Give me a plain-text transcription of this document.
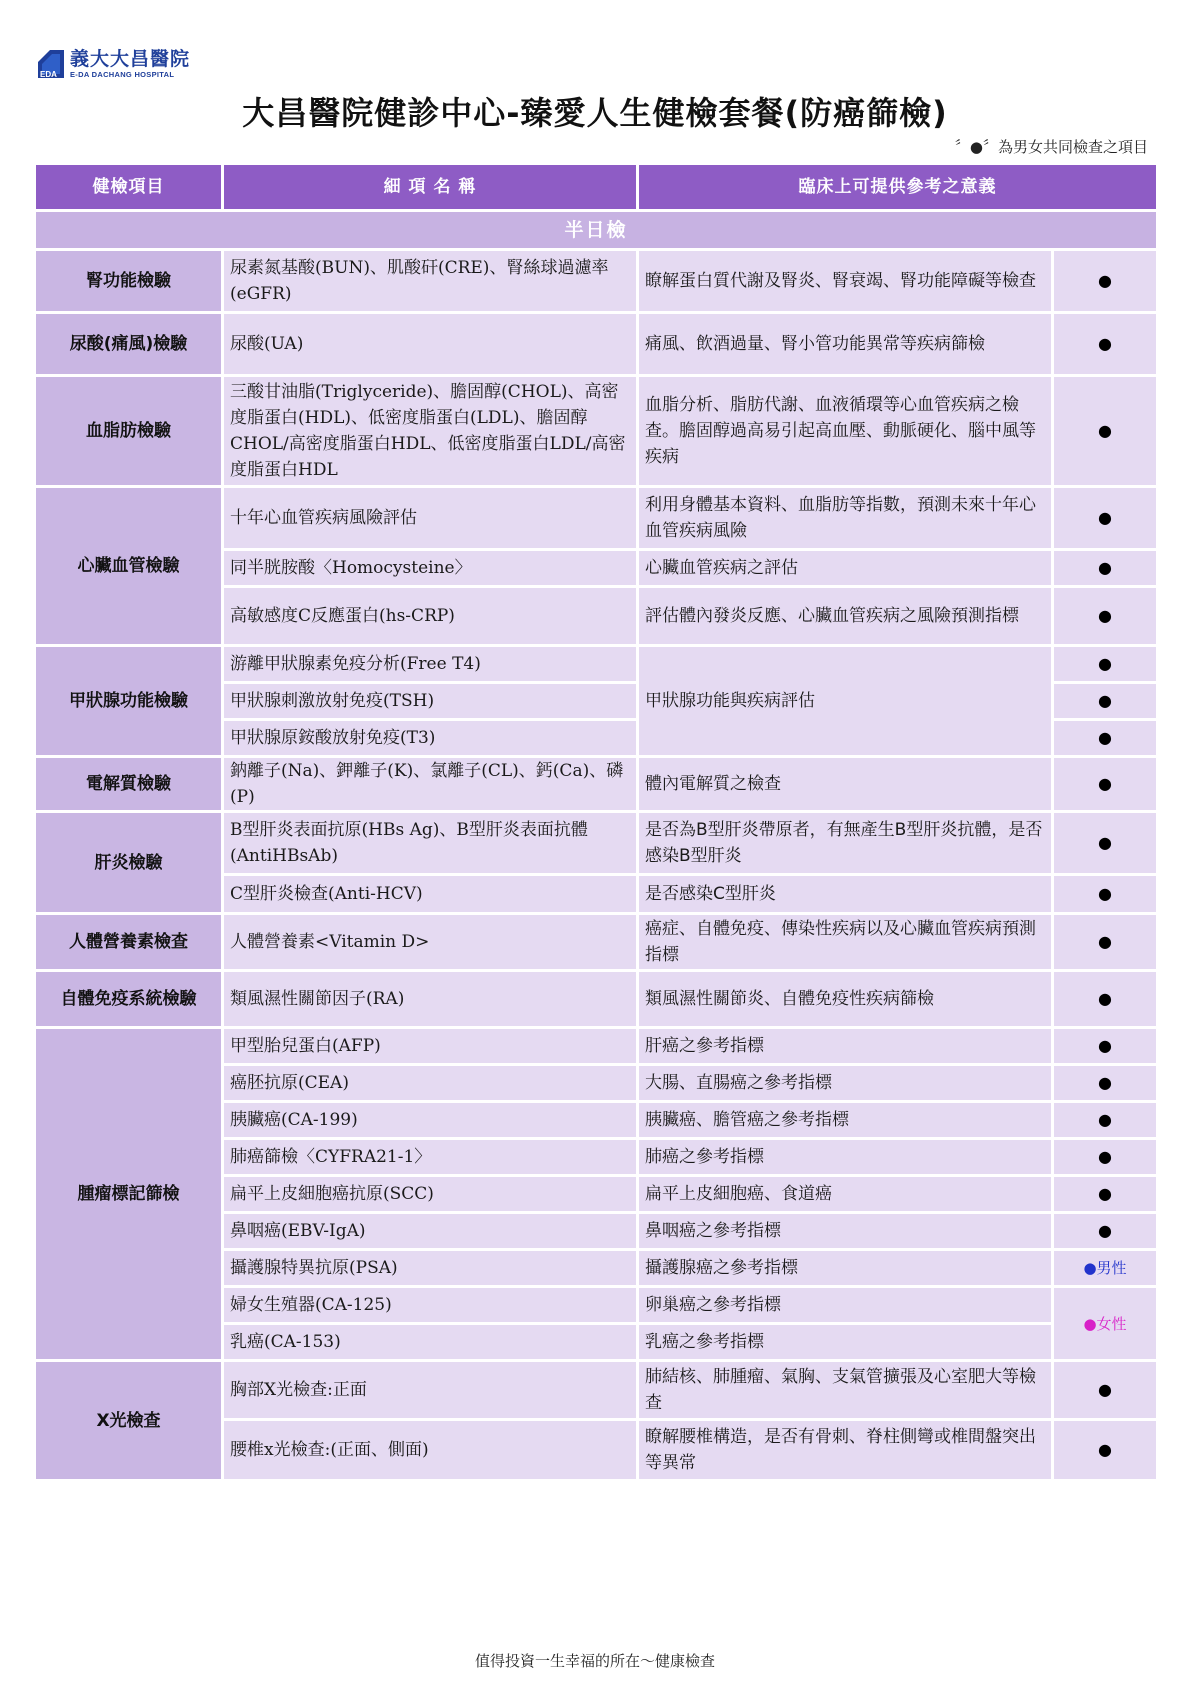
EDA
義大大昌醫院
E-DA DACHANG HOSPITAL
大昌醫院健診中心-臻愛人生健檢套餐(防癌篩檢)
〞●〞為男女共同檢查之項目
健檢項目	細 項 名 稱	臨床上可提供參考之意義	
半日檢			
腎功能檢驗	尿素氮基酸(BUN)、肌酸矸(CRE)、腎絲球過濾率(eGFR)	瞭解蛋白質代謝及腎炎、腎衰竭、腎功能障礙等檢查	●
尿酸(痛風)檢驗	尿酸(UA)	痛風、飲酒過量、腎小管功能異常等疾病篩檢	●
血脂肪檢驗	三酸甘油脂(Triglyceride)、膽固醇(CHOL)、高密度脂蛋白(HDL)、低密度脂蛋白(LDL)、膽固醇CHOL/高密度脂蛋白HDL、低密度脂蛋白LDL/高密度脂蛋白HDL	血脂分析、脂肪代謝、血液循環等心血管疾病之檢查。膽固醇過高易引起高血壓、動脈硬化、腦中風等疾病	●
心臟血管檢驗	十年心血管疾病風險評估	利用身體基本資料、血脂肪等指數，預測未來十年心血管疾病風險	●
	同半胱胺酸〈Homocysteine〉	心臟血管疾病之評估	●
	高敏感度C反應蛋白(hs-CRP)	評估體內發炎反應、心臟血管疾病之風險預測指標	●
甲狀腺功能檢驗	游離甲狀腺素免疫分析(Free T4)	甲狀腺功能與疾病評估	●
	甲狀腺刺激放射免疫(TSH)		●
	甲狀腺原銨酸放射免疫(T3)		●
電解質檢驗	鈉離子(Na)、鉀離子(K)、氯離子(CL)、鈣(Ca)、磷(P)	體內電解質之檢查	●
肝炎檢驗	B型肝炎表面抗原(HBs Ag)、B型肝炎表面抗體(AntiHBsAb)	是否為B型肝炎帶原者，有無產生B型肝炎抗體，是否感染B型肝炎	●
	C型肝炎檢查(Anti-HCV)	是否感染C型肝炎	●
人體營養素檢查	人體營養素<Vitamin D>	癌症、自體免疫、傳染性疾病以及心臟血管疾病預測指標	●
自體免疫系統檢驗	類風濕性關節因子(RA)	類風濕性關節炎、自體免疫性疾病篩檢	●
腫瘤標記篩檢	甲型胎兒蛋白(AFP)	肝癌之參考指標	●
	癌胚抗原(CEA)	大腸、直腸癌之參考指標	●
	胰臟癌(CA-199)	胰臟癌、膽管癌之參考指標	●
	肺癌篩檢〈CYFRA21-1〉	肺癌之參考指標	●
	扁平上皮細胞癌抗原(SCC)	扁平上皮細胞癌、食道癌	●
	鼻咽癌(EBV-IgA)	鼻咽癌之參考指標	●
	攝護腺特異抗原(PSA)	攝護腺癌之參考指標	●男性
	婦女生殖器(CA-125)	卵巢癌之參考指標	●女性
	乳癌(CA-153)	乳癌之參考指標	
X光檢查	胸部X光檢查:正面	肺結核、肺腫瘤、氣胸、支氣管擴張及心室肥大等檢查	●
	腰椎x光檢查:(正面、側面)	瞭解腰椎構造，是否有骨刺、脊柱側彎或椎間盤突出等異常	●
值得投資一生幸福的所在～健康檢查
